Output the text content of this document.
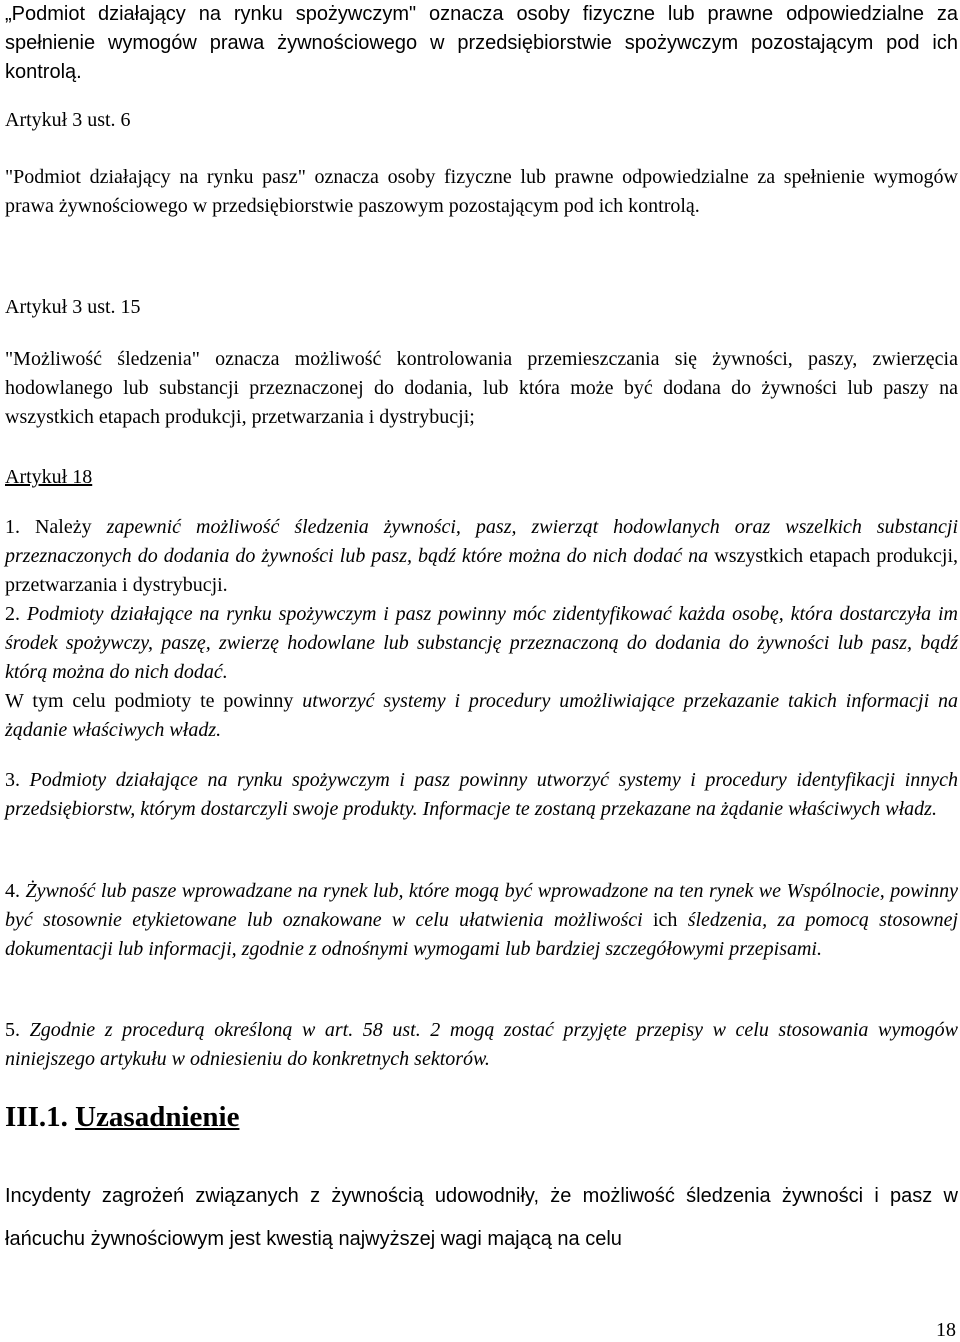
„Podmiot działający na rynku spożywczym" oznacza osoby fizyczne lub prawne odpowiedzialne za spełnienie wymogów prawa żywnościowego w przedsiębiorstwie spożywczym pozostającym pod ich kontrolą.

Artykuł 3 ust. 6

"Podmiot działający na rynku pasz" oznacza osoby fizyczne lub prawne odpowiedzialne za spełnienie wymogów prawa żywnościowego w przedsiębiorstwie paszowym pozostającym pod ich kontrolą.

Artykuł 3 ust. 15

"Możliwość śledzenia" oznacza możliwość kontrolowania przemieszczania się żywności, paszy, zwierzęcia hodowlanego lub substancji przeznaczonej do dodania, lub która może być dodana do żywności lub paszy na wszystkich etapach produkcji, przetwarzania i dystrybucji;

Artykuł 18

1. Należy zapewnić możliwość śledzenia żywności, pasz, zwierząt hodowlanych oraz wszelkich substancji przeznaczonych do dodania do żywności lub pasz, bądź które można do nich dodać na wszystkich etapach produkcji, przetwarzania i dystrybucji.
2. Podmioty działające na rynku spożywczym i pasz powinny móc zidentyfikować każda osobę, która dostarczyła im środek spożywczy, paszę, zwierzę hodowlane lub substancję przeznaczoną do dodania do żywności lub pasz, bądź którą można do nich dodać.
W tym celu podmioty te powinny utworzyć systemy i procedury umożliwiające przekazanie takich informacji na żądanie właściwych władz.
3. Podmioty działające na rynku spożywczym i pasz powinny utworzyć systemy i procedury identyfikacji innych przedsiębiorstw, którym dostarczyli swoje produkty. Informacje te zostaną przekazane na żądanie właściwych władz.
4. Żywność lub pasze wprowadzane na rynek lub, które mogą być wprowadzone na ten rynek we Wspólnocie, powinny być stosownie etykietowane lub oznakowane w celu ułatwienia możliwości ich śledzenia, za pomocą stosownej dokumentacji lub informacji, zgodnie z odnośnymi wymogami lub bardziej szczegółowymi przepisami.
5. Zgodnie z procedurą określoną w art. 58 ust. 2 mogą zostać przyjęte przepisy w celu stosowania wymogów niniejszego artykułu w odniesieniu do konkretnych sektorów.

III.1. Uzasadnienie

Incydenty zagrożeń związanych z żywnością udowodniły, że możliwość śledzenia żywności i pasz w łańcuchu żywnościowym jest kwestią najwyższej wagi mającą na celu

18
